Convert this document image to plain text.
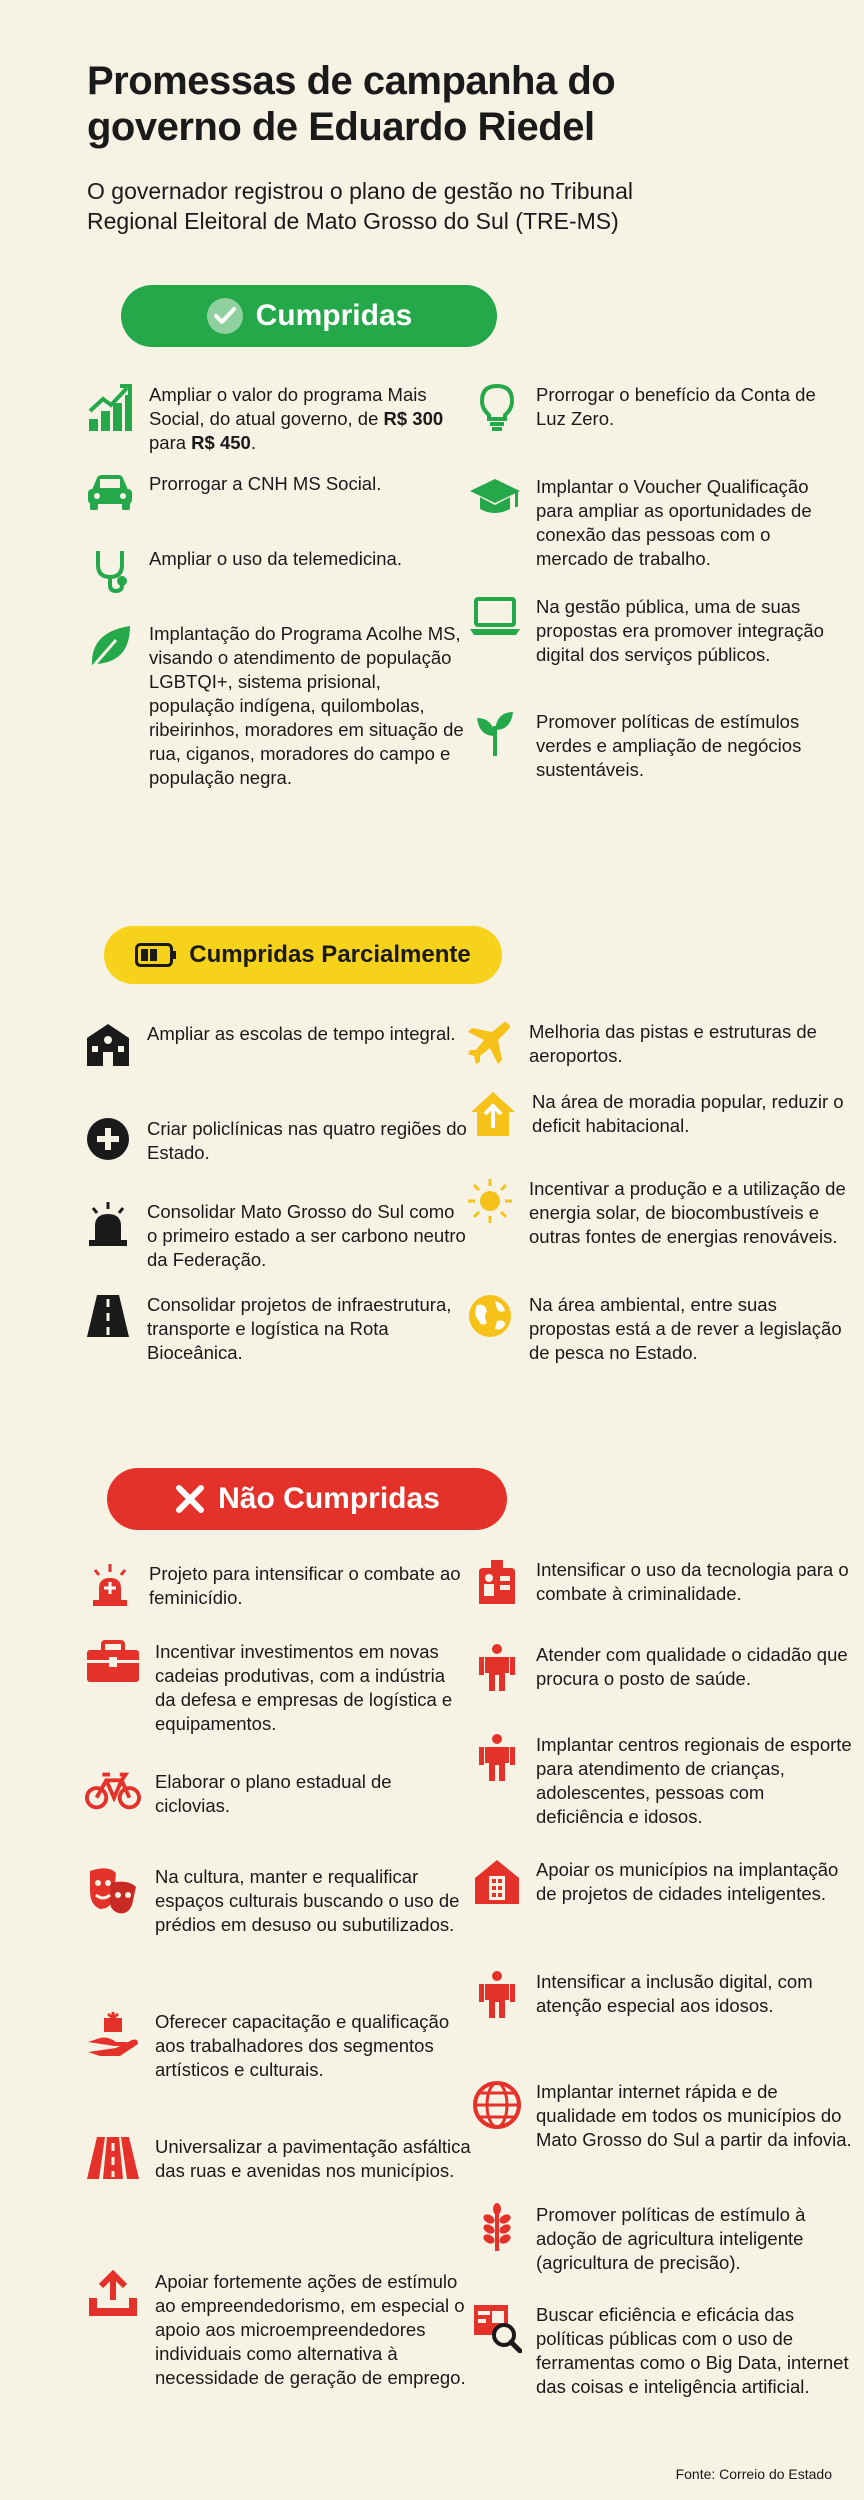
Promessas de campanha do
governo de Eduardo Riedel
O governador registrou o plano de gestão no Tribunal
Regional Eleitoral de Mato Grosso do Sul (TRE-MS)
Cumpridas
Cumpridas Parcialmente
Não Cumpridas
Ampliar o valor do programa Mais Social, do atual governo, de R$ 300 para R$ 450.
Prorrogar a CNH MS Social.
Ampliar o uso da telemedicina.
Implantação do Programa Acolhe MS, visando o atendimento de população LGBTQI+, sistema prisional, população indígena, quilombolas, ribeirinhos, moradores em situação de rua, ciganos, moradores do campo e população negra.
Prorrogar o benefício da Conta de Luz Zero.
Implantar o Voucher Qualificação para ampliar as oportunidades de conexão das pessoas com o mercado de trabalho.
Na gestão pública, uma de suas propostas era promover integração digital dos serviços públicos.
Promover políticas de estímulos verdes e ampliação de negócios sustentáveis.
Ampliar as escolas de tempo integral.
Criar policlínicas nas quatro regiões do Estado.
Consolidar Mato Grosso do Sul como o primeiro estado a ser carbono neutro da Federação.
Consolidar projetos de infraestrutura, transporte e logística na Rota Bioceânica.
Melhoria das pistas e estruturas de aeroportos.
Na área de moradia popular, reduzir o deficit habitacional.
Incentivar a produção e a utilização de energia solar, de biocombustíveis e outras fontes de energias renováveis.
Na área ambiental, entre suas propostas está a de rever a legislação de pesca no Estado.
Projeto para intensificar o combate ao feminicídio.
Incentivar investimentos em novas cadeias produtivas, com a indústria da defesa e empresas de logística e equipamentos.
Elaborar o plano estadual de ciclovias.
Na cultura, manter e requalificar espaços culturais buscando o uso de prédios em desuso ou subutilizados.
Oferecer capacitação e qualificação aos trabalhadores dos segmentos artísticos e culturais.
Universalizar a pavimentação asfáltica das ruas e avenidas nos municípios.
Apoiar fortemente ações de estímulo ao empreendedorismo, em especial o apoio aos microempreendedores individuais como alternativa à necessidade de geração de emprego.
Intensificar o uso da tecnologia para o combate à criminalidade.
Atender com qualidade o cidadão que procura o posto de saúde.
Implantar centros regionais de esporte para atendimento de crianças, adolescentes, pessoas com deficiência e idosos.
Apoiar os municípios na implantação de projetos de cidades inteligentes.
Intensificar a inclusão digital, com atenção especial aos idosos.
Implantar internet rápida e de qualidade em todos os municípios do Mato Grosso do Sul a partir da infovia.
Promover políticas de estímulo à adoção de agricultura inteligente (agricultura de precisão).
Buscar eficiência e eficácia das políticas públicas com o uso de ferramentas como o Big Data, internet das coisas e inteligência artificial.
Fonte: Correio do Estado
